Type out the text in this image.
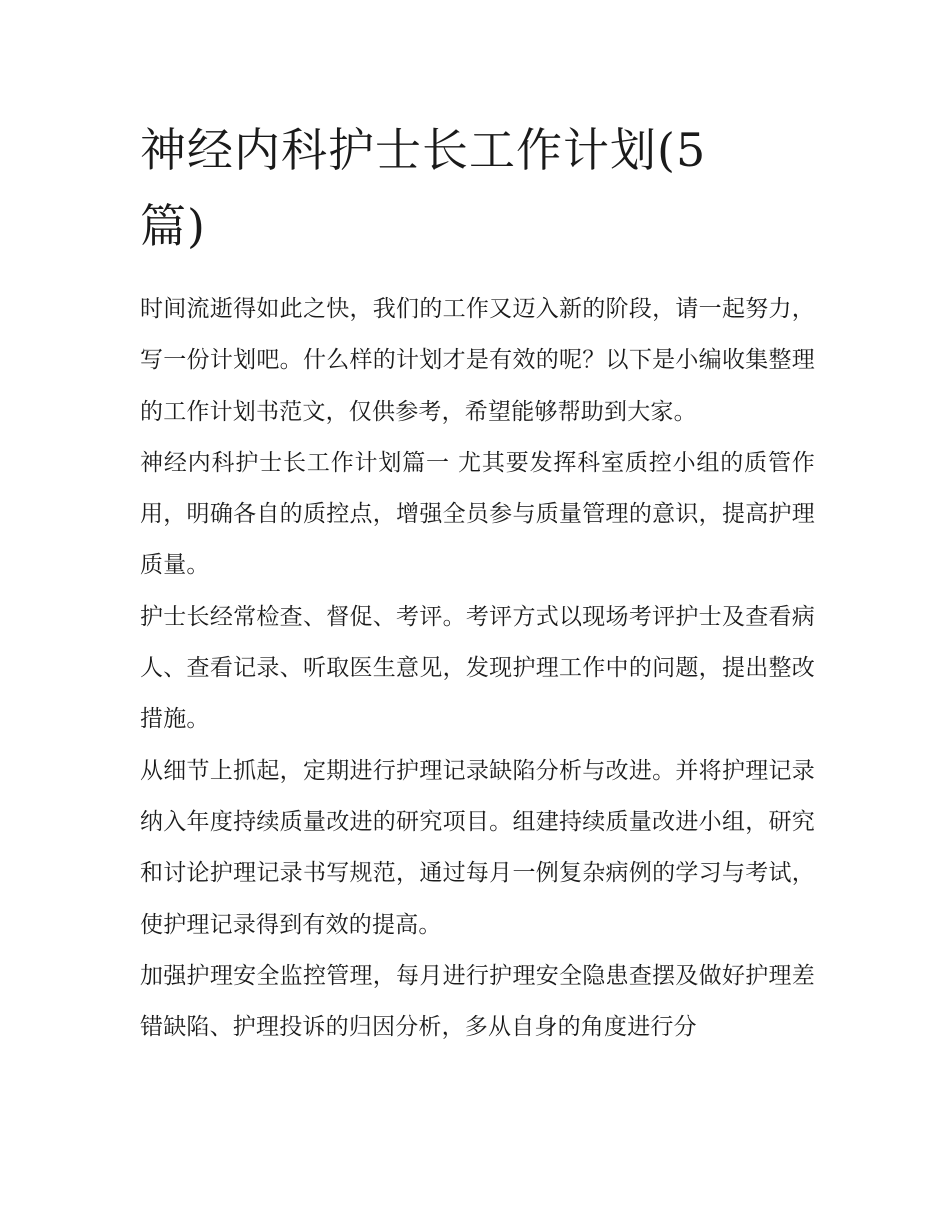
神经内科护士长工作计划(5篇)

时间流逝得如此之快，我们的工作又迈入新的阶段，请一起努力，写一份计划吧。什么样的计划才是有效的呢？以下是小编收集整理的工作计划书范文，仅供参考，希望能够帮助到大家。

神经内科护士长工作计划篇一 尤其要发挥科室质控小组的质管作用，明确各自的质控点，增强全员参与质量管理的意识，提高护理质量。

护士长经常检查、督促、考评。考评方式以现场考评护士及查看病人、查看记录、听取医生意见，发现护理工作中的问题，提出整改措施。

从细节上抓起，定期进行护理记录缺陷分析与改进。并将护理记录纳入年度持续质量改进的研究项目。组建持续质量改进小组，研究和讨论护理记录书写规范，通过每月一例复杂病例的学习与考试，使护理记录得到有效的提高。

加强护理安全监控管理，每月进行护理安全隐患查摆及做好护理差错缺陷、护理投诉的归因分析，多从自身的角度进行分
